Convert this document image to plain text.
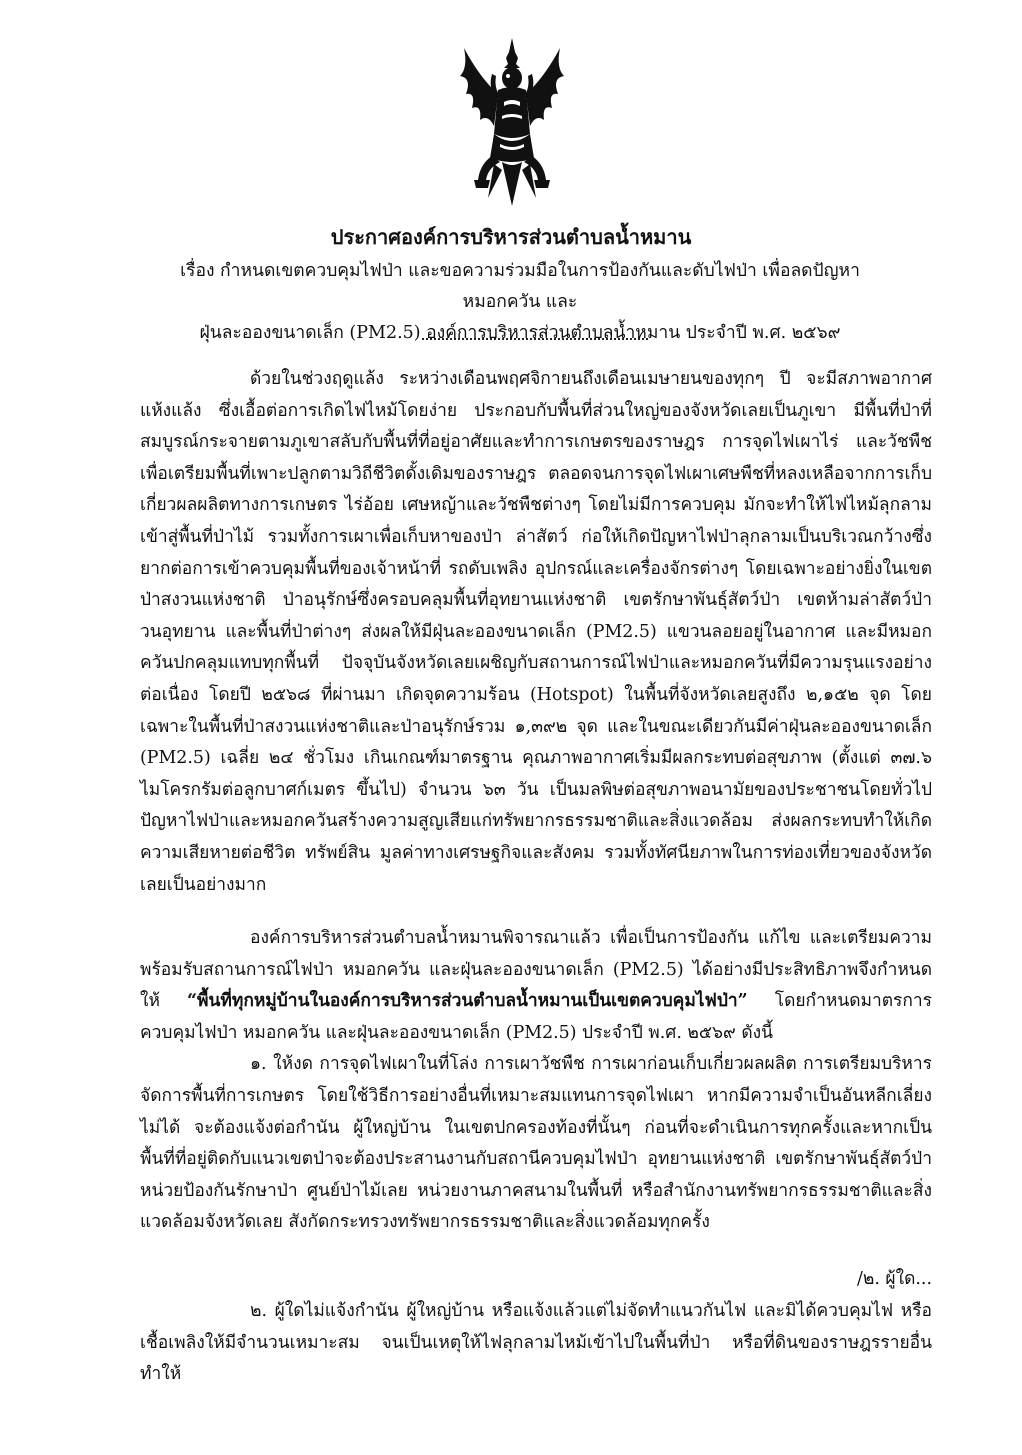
ประกาศองค์การบริหารส่วนตำบลน้ำหมาน
เรื่อง กำหนดเขตควบคุมไฟป่า และขอความร่วมมือในการป้องกันและดับไฟป่า เพื่อลดปัญหาหมอกควัน และ
ฝุ่นละอองขนาดเล็ก (PM2.5) องค์การบริหารส่วนตำบลน้ำหมาน ประจำปี พ.ศ. ๒๕๖๙

ด้วยในช่วงฤดูแล้ง ระหว่างเดือนพฤศจิกายนถึงเดือนเมษายนของทุกๆ ปี จะมีสภาพอากาศแห้งแล้ง ซึ่งเอื้อต่อการเกิดไฟไหม้โดยง่าย ประกอบกับพื้นที่ส่วนใหญ่ของจังหวัดเลยเป็นภูเขา มีพื้นที่ป่าที่สมบูรณ์กระจายตามภูเขาสลับกับพื้นที่ที่อยู่อาศัยและทำการเกษตรของราษฎร การจุดไฟเผาไร่ และวัชพืชเพื่อเตรียมพื้นที่เพาะปลูกตามวิถีชีวิตดั้งเดิมของราษฎร ตลอดจนการจุดไฟเผาเศษพืชที่หลงเหลือจากการเก็บเกี่ยวผลผลิตทางการเกษตร ไร่อ้อย เศษหญ้าและวัชพืชต่างๆ โดยไม่มีการควบคุม มักจะทำให้ไฟไหม้ลุกลามเข้าสู่พื้นที่ป่าไม้ รวมทั้งการเผาเพื่อเก็บหาของป่า ล่าสัตว์ ก่อให้เกิดปัญหาไฟป่าลุกลามเป็นบริเวณกว้างซึ่งยากต่อการเข้าควบคุมพื้นที่ของเจ้าหน้าที่ รถดับเพลิง อุปกรณ์และเครื่องจักรต่างๆ โดยเฉพาะอย่างยิ่งในเขตป่าสงวนแห่งชาติ ป่าอนุรักษ์ซึ่งครอบคลุมพื้นที่อุทยานแห่งชาติ เขตรักษาพันธุ์สัตว์ป่า เขตห้ามล่าสัตว์ป่าวนอุทยาน และพื้นที่ป่าต่างๆ ส่งผลให้มีฝุ่นละอองขนาดเล็ก (PM2.5) แขวนลอยอยู่ในอากาศ และมีหมอกควันปกคลุมแทบทุกพื้นที่ ปัจจุบันจังหวัดเลยเผชิญกับสถานการณ์ไฟป่าและหมอกควันที่มีความรุนแรงอย่างต่อเนื่อง โดยปี ๒๕๖๘ ที่ผ่านมา เกิดจุดความร้อน (Hotspot) ในพื้นที่จังหวัดเลยสูงถึง ๒,๑๕๒ จุด โดยเฉพาะในพื้นที่ป่าสงวนแห่งชาติและป่าอนุรักษ์รวม ๑,๓๙๒ จุด และในขณะเดียวกันมีค่าฝุ่นละอองขนาดเล็ก (PM2.5) เฉลี่ย ๒๔ ชั่วโมง เกินเกณฑ์มาตรฐาน คุณภาพอากาศเริ่มมีผลกระทบต่อสุขภาพ (ตั้งแต่ ๓๗.๖ ไมโครกรัมต่อลูกบาศก์เมตร ขึ้นไป) จำนวน ๖๓ วัน เป็นมลพิษต่อสุขภาพอนามัยของประชาชนโดยทั่วไป ปัญหาไฟป่าและหมอกควันสร้างความสูญเสียแก่ทรัพยากรธรรมชาติและสิ่งแวดล้อม ส่งผลกระทบทำให้เกิดความเสียหายต่อชีวิต ทรัพย์สิน มูลค่าทางเศรษฐกิจและสังคม รวมทั้งทัศนียภาพในการท่องเที่ยวของจังหวัดเลยเป็นอย่างมาก

องค์การบริหารส่วนตำบลน้ำหมานพิจารณาแล้ว เพื่อเป็นการป้องกัน แก้ไข และเตรียมความพร้อมรับสถานการณ์ไฟป่า หมอกควัน และฝุ่นละอองขนาดเล็ก (PM2.5) ได้อย่างมีประสิทธิภาพจึงกำหนดให้ “พื้นที่ทุกหมู่บ้านในองค์การบริหารส่วนตำบลน้ำหมานเป็นเขตควบคุมไฟป่า” โดยกำหนดมาตรการควบคุมไฟป่า หมอกควัน และฝุ่นละอองขนาดเล็ก (PM2.5) ประจำปี พ.ศ. ๒๕๖๙ ดังนี้

๑. ให้งด การจุดไฟเผาในที่โล่ง การเผาวัชพืช การเผาก่อนเก็บเกี่ยวผลผลิต การเตรียมบริหารจัดการพื้นที่การเกษตร โดยใช้วิธีการอย่างอื่นที่เหมาะสมแทนการจุดไฟเผา หากมีความจำเป็นอันหลีกเลี่ยงไม่ได้ จะต้องแจ้งต่อกำนัน ผู้ใหญ่บ้าน ในเขตปกครองท้องที่นั้นๆ ก่อนที่จะดำเนินการทุกครั้งและหากเป็นพื้นที่ที่อยู่ติดกับแนวเขตป่าจะต้องประสานงานกับสถานีควบคุมไฟป่า อุทยานแห่งชาติ เขตรักษาพันธุ์สัตว์ป่า หน่วยป้องกันรักษาป่า ศูนย์ป่าไม้เลย หน่วยงานภาคสนามในพื้นที่ หรือสำนักงานทรัพยากรธรรมชาติและสิ่งแวดล้อมจังหวัดเลย สังกัดกระทรวงทรัพยากรธรรมชาติและสิ่งแวดล้อมทุกครั้ง

/๒. ผู้ใด...

๒. ผู้ใดไม่แจ้งกำนัน ผู้ใหญ่บ้าน หรือแจ้งแล้วแต่ไม่จัดทำแนวกันไฟ และมิได้ควบคุมไฟ หรือเชื้อเพลิงให้มีจำนวนเหมาะสม จนเป็นเหตุให้ไฟลุกลามไหม้เข้าไปในพื้นที่ป่า หรือที่ดินของราษฎรรายอื่น ทำให้
